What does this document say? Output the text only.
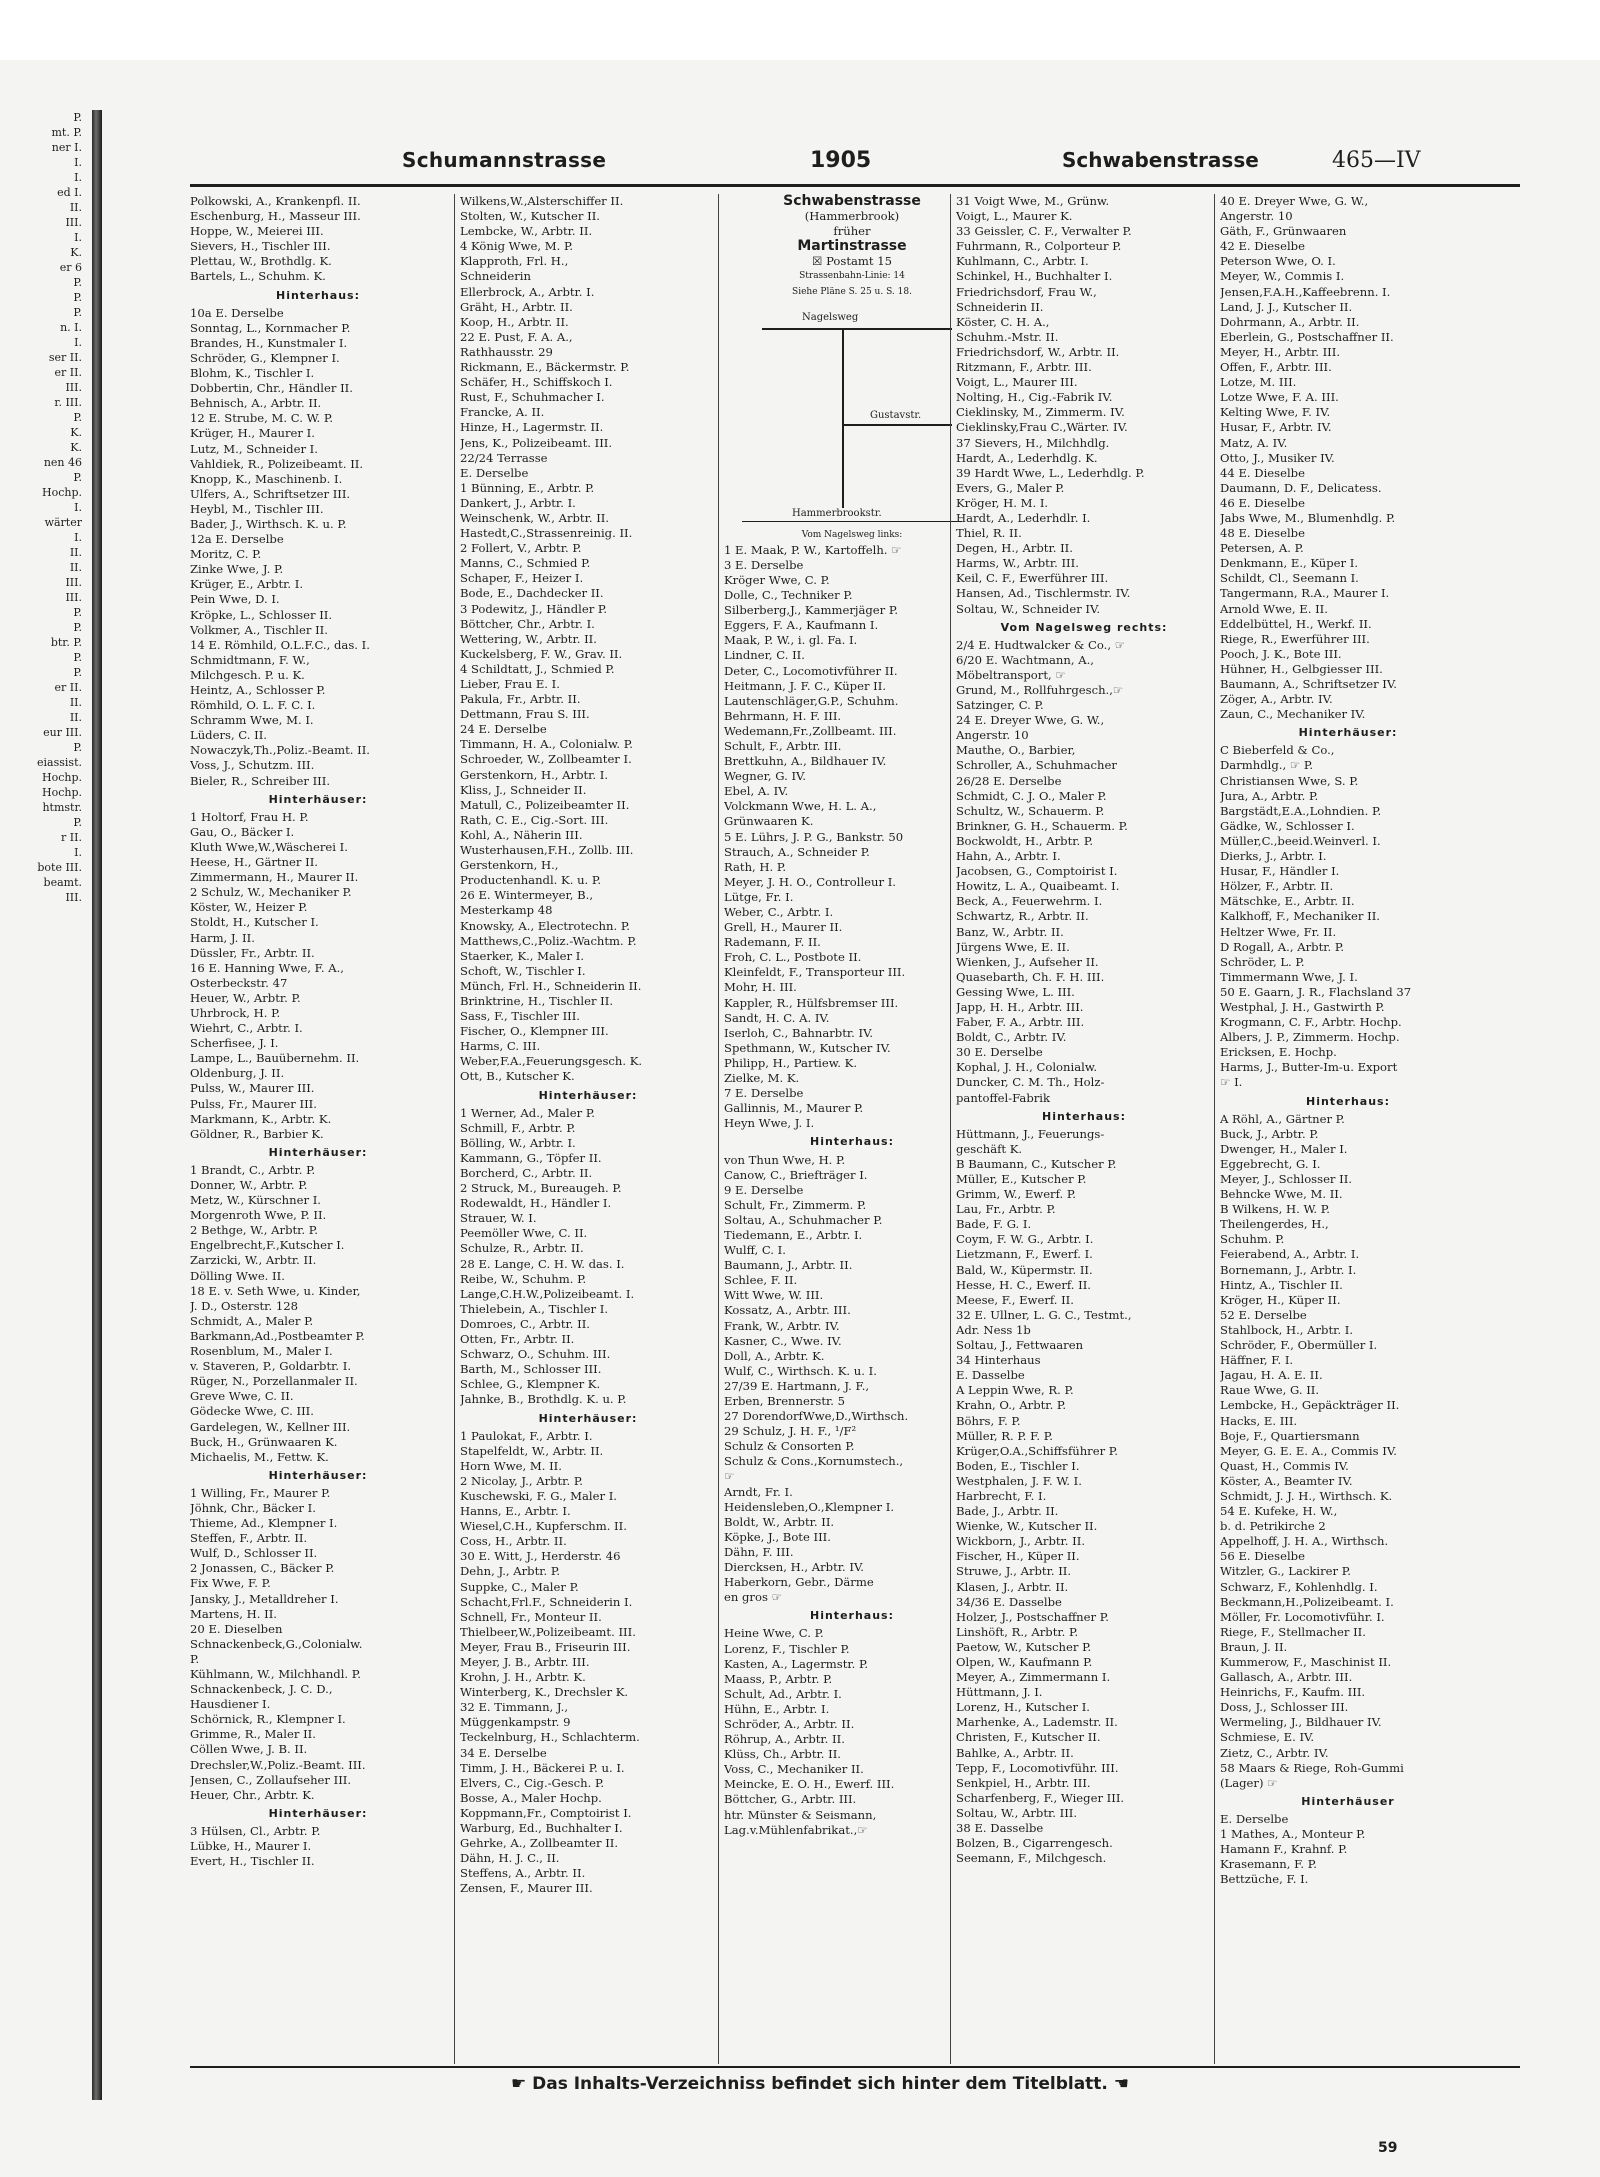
P.
mt. P.
ner I.
I.
I.
ed I.
II.
III.
I.
K.
er 6
P.
P.
P.
n. I.
I.
ser II.
er II.
III.
r. III.
P.
K.
K.
nen 46
P.
Hochp.
I.
wärter
I.
II.
II.
III.
III.
P.
P.
btr. P.
P.
P.
er II.
II.
II.
eur III.
P.
eiassist.
Hochp.
Hochp.
htmstr.
P.
r II.
I.
bote III.
beamt.
III.
Schumannstrasse	1905	Schwabenstrasse	465—IV
Polkowski, A., Krankenpfl. II.
Eschenburg, H., Masseur III.
Hoppe, W., Meierei III.
Sievers, H., Tischler III.
Plettau, W., Brothdlg. K.
Bartels, L., Schuhm. K.
Hinterhaus:
10a E. Derselbe
Sonntag, L., Kornmacher P.
Brandes, H., Kunstmaler I.
Schröder, G., Klempner I.
Blohm, K., Tischler I.
Dobbertin, Chr., Händler II.
Behnisch, A., Arbtr. II.
12 E. Strube, M. C. W. P.
Krüger, H., Maurer I.
Lutz, M., Schneider I.
Vahldiek, R., Polizeibeamt. II.
Knopp, K., Maschinenb. I.
Ulfers, A., Schriftsetzer III.
Heybl, M., Tischler III.
Bader, J., Wirthsch. K. u. P.
12a E. Derselbe
Moritz, C. P.
Zinke Wwe, J. P.
Krüger, E., Arbtr. I.
Pein Wwe, D. I.
Kröpke, L., Schlosser II.
Volkmer, A., Tischler II.
14 E. Römhild, O.L.F.C., das. I.
Schmidtmann, F. W.,
Milchgesch. P. u. K.
Heintz, A., Schlosser P.
Römhild, O. L. F. C. I.
Schramm Wwe, M. I.
Lüders, C. II.
Nowaczyk,Th.,Poliz.-Beamt. II.
Voss, J., Schutzm. III.
Bieler, R., Schreiber III.
Hinterhäuser:
1 Holtorf, Frau H. P.
Gau, O., Bäcker I.
Kluth Wwe,W.,Wäscherei I.
Heese, H., Gärtner II.
Zimmermann, H., Maurer II.
2 Schulz, W., Mechaniker P.
Köster, W., Heizer P.
Stoldt, H., Kutscher I.
Harm, J. II.
Düssler, Fr., Arbtr. II.
16 E. Hanning Wwe, F. A.,
Osterbeckstr. 47
Heuer, W., Arbtr. P.
Uhrbrock, H. P.
Wiehrt, C., Arbtr. I.
Scherfisee, J. I.
Lampe, L., Bauübernehm. II.
Oldenburg, J. II.
Pulss, W., Maurer III.
Pulss, Fr., Maurer III.
Markmann, K., Arbtr. K.
Göldner, R., Barbier K.
Hinterhäuser:
1 Brandt, C., Arbtr. P.
Donner, W., Arbtr. P.
Metz, W., Kürschner I.
Morgenroth Wwe, P. II.
2 Bethge, W., Arbtr. P.
Engelbrecht,F.,Kutscher I.
Zarzicki, W., Arbtr. II.
Dölling Wwe. II.
18 E. v. Seth Wwe, u. Kinder,
J. D., Osterstr. 128
Schmidt, A., Maler P.
Barkmann,Ad.,Postbeamter P.
Rosenblum, M., Maler I.
v. Staveren, P., Goldarbtr. I.
Rüger, N., Porzellanmaler II.
Greve Wwe, C. II.
Gödecke Wwe, C. III.
Gardelegen, W., Kellner III.
Buck, H., Grünwaaren K.
Michaelis, M., Fettw. K.
Hinterhäuser:
1 Willing, Fr., Maurer P.
Jöhnk, Chr., Bäcker I.
Thieme, Ad., Klempner I.
Steffen, F., Arbtr. II.
Wulf, D., Schlosser II.
2 Jonassen, C., Bäcker P.
Fix Wwe, F. P.
Jansky, J., Metalldreher I.
Martens, H. II.
20 E. Dieselben
Schnackenbeck,G.,Colonialw.
P.
Kühlmann, W., Milchhandl. P.
Schnackenbeck, J. C. D.,
Hausdiener I.
Schörnick, R., Klempner I.
Grimme, R., Maler II.
Cöllen Wwe, J. B. II.
Drechsler,W.,Poliz.-Beamt. III.
Jensen, C., Zollaufseher III.
Heuer, Chr., Arbtr. K.
Hinterhäuser:
3 Hülsen, Cl., Arbtr. P.
Lübke, H., Maurer I.
Evert, H., Tischler II.
Wilkens,W.,Alsterschiffer II.
Stolten, W., Kutscher II.
Lembcke, W., Arbtr. II.
4 König Wwe, M. P.
Klapproth, Frl. H.,
Schneiderin
Ellerbrock, A., Arbtr. I.
Gräht, H., Arbtr. II.
Koop, H., Arbtr. II.
22 E. Pust, F. A. A.,
Rathhausstr. 29
Rickmann, E., Bäckermstr. P.
Schäfer, H., Schiffskoch I.
Rust, F., Schuhmacher I.
Francke, A. II.
Hinze, H., Lagermstr. II.
Jens, K., Polizeibeamt. III.
22/24 Terrasse
E. Derselbe
1 Bünning, E., Arbtr. P.
Dankert, J., Arbtr. I.
Weinschenk, W., Arbtr. II.
Hastedt,C.,Strassenreinig. II.
2 Follert, V., Arbtr. P.
Manns, C., Schmied P.
Schaper, F., Heizer I.
Bode, E., Dachdecker II.
3 Podewitz, J., Händler P.
Böttcher, Chr., Arbtr. I.
Wettering, W., Arbtr. II.
Kuckelsberg, F. W., Grav. II.
4 Schildtatt, J., Schmied P.
Lieber, Frau E. I.
Pakula, Fr., Arbtr. II.
Dettmann, Frau S. III.
24 E. Derselbe
Timmann, H. A., Colonialw. P.
Schroeder, W., Zollbeamter I.
Gerstenkorn, H., Arbtr. I.
Kliss, J., Schneider II.
Matull, C., Polizeibeamter II.
Rath, C. E., Cig.-Sort. III.
Kohl, A., Näherin III.
Wusterhausen,F.H., Zollb. III.
Gerstenkorn, H.,
Productenhandl. K. u. P.
26 E. Wintermeyer, B.,
Mesterkamp 48
Knowsky, A., Electrotechn. P.
Matthews,C.,Poliz.-Wachtm. P.
Staerker, K., Maler I.
Schoft, W., Tischler I.
Münch, Frl. H., Schneiderin II.
Brinktrine, H., Tischler II.
Sass, F., Tischler III.
Fischer, O., Klempner III.
Harms, C. III.
Weber,F.A.,Feuerungsgesch. K.
Ott, B., Kutscher K.
Hinterhäuser:
1 Werner, Ad., Maler P.
Schmill, F., Arbtr. P.
Bölling, W., Arbtr. I.
Kammann, G., Töpfer II.
Borcherd, C., Arbtr. II.
2 Struck, M., Bureaugeh. P.
Rodewaldt, H., Händler I.
Strauer, W. I.
Peemöller Wwe, C. II.
Schulze, R., Arbtr. II.
28 E. Lange, C. H. W. das. I.
Reibe, W., Schuhm. P.
Lange,C.H.W.,Polizeibeamt. I.
Thielebein, A., Tischler I.
Domroes, C., Arbtr. II.
Otten, Fr., Arbtr. II.
Schwarz, O., Schuhm. III.
Barth, M., Schlosser III.
Schlee, G., Klempner K.
Jahnke, B., Brothdlg. K. u. P.
Hinterhäuser:
1 Paulokat, F., Arbtr. I.
Stapelfeldt, W., Arbtr. II.
Horn Wwe, M. II.
2 Nicolay, J., Arbtr. P.
Kuschewski, F. G., Maler I.
Hanns, E., Arbtr. I.
Wiesel,C.H., Kupferschm. II.
Coss, H., Arbtr. II.
30 E. Witt, J., Herderstr. 46
Dehn, J., Arbtr. P.
Suppke, C., Maler P.
Schacht,Frl.F., Schneiderin I.
Schnell, Fr., Monteur II.
Thielbeer,W.,Polizeibeamt. III.
Meyer, Frau B., Friseurin III.
Meyer, J. B., Arbtr. III.
Krohn, J. H., Arbtr. K.
Winterberg, K., Drechsler K.
32 E. Timmann, J.,
Müggenkampstr. 9
Teckelnburg, H., Schlachterm.
34 E. Derselbe
Timm, J. H., Bäckerei P. u. I.
Elvers, C., Cig.-Gesch. P.
Bosse, A., Maler Hochp.
Koppmann,Fr., Comptoirist I.
Warburg, Ed., Buchhalter I.
Gehrke, A., Zollbeamter II.
Dähn, H. J. C., II.
Steffens, A., Arbtr. II.
Zensen, F., Maurer III.
Schwabenstrasse
(Hammerbrook)
früher
Martinstrasse
☒ Postamt 15
Strassenbahn-Linie: 14
Siehe Pläne S. 25 u. S. 18.
Nagelsweg
Gustavstr.
Hammerbrookstr.
Vom Nagelsweg links:
1 E. Maak, P. W., Kartoffelh. ☞
3 E. Derselbe
Kröger Wwe, C. P.
Dolle, C., Techniker P.
Silberberg,J., Kammerjäger P.
Eggers, F. A., Kaufmann I.
Maak, P. W., i. gl. Fa. I.
Lindner, C. II.
Deter, C., Locomotivführer II.
Heitmann, J. F. C., Küper II.
Lautenschläger,G.P., Schuhm.
Behrmann, H. F. III.
Wedemann,Fr.,Zollbeamt. III.
Schult, F., Arbtr. III.
Brettkuhn, A., Bildhauer IV.
Wegner, G. IV.
Ebel, A. IV.
Volckmann Wwe, H. L. A.,
Grünwaaren K.
5 E. Lührs, J. P. G., Bankstr. 50
Strauch, A., Schneider P.
Rath, H. P.
Meyer, J. H. O., Controlleur I.
Lütge, Fr. I.
Weber, C., Arbtr. I.
Grell, H., Maurer II.
Rademann, F. II.
Froh, C. L., Postbote II.
Kleinfeldt, F., Transporteur III.
Mohr, H. III.
Kappler, R., Hülfsbremser III.
Sandt, H. C. A. IV.
Iserloh, C., Bahnarbtr. IV.
Spethmann, W., Kutscher IV.
Philipp, H., Partiew. K.
Zielke, M. K.
7 E. Derselbe
Gallinnis, M., Maurer P.
Heyn Wwe, J. I.
Hinterhaus:
von Thun Wwe, H. P.
Canow, C., Briefträger I.
9 E. Derselbe
Schult, Fr., Zimmerm. P.
Soltau, A., Schuhmacher P.
Tiedemann, E., Arbtr. I.
Wulff, C. I.
Baumann, J., Arbtr. II.
Schlee, F. II.
Witt Wwe, W. III.
Kossatz, A., Arbtr. III.
Frank, W., Arbtr. IV.
Kasner, C., Wwe. IV.
Doll, A., Arbtr. K.
Wulf, C., Wirthsch. K. u. I.
27/39 E. Hartmann, J. F.,
Erben, Brennerstr. 5
27 DorendorfWwe,D.,Wirthsch.
29 Schulz, J. H. F., ¹/F²
Schulz & Consorten P.
Schulz & Cons.,Kornumstech.,
☞
Arndt, Fr. I.
Heidensleben,O.,Klempner I.
Boldt, W., Arbtr. II.
Köpke, J., Bote III.
Dähn, F. III.
Diercksen, H., Arbtr. IV.
Haberkorn, Gebr., Därme
en gros ☞
Hinterhaus:
Heine Wwe, C. P.
Lorenz, F., Tischler P.
Kasten, A., Lagermstr. P.
Maass, P., Arbtr. P.
Schult, Ad., Arbtr. I.
Hühn, E., Arbtr. I.
Schröder, A., Arbtr. II.
Röhrup, A., Arbtr. II.
Klüss, Ch., Arbtr. II.
Voss, C., Mechaniker II.
Meincke, E. O. H., Ewerf. III.
Böttcher, G., Arbtr. III.
htr. Münster & Seismann,
Lag.v.Mühlenfabrikat.,☞
31 Voigt Wwe, M., Grünw.
Voigt, L., Maurer K.
33 Geissler, C. F., Verwalter P.
Fuhrmann, R., Colporteur P.
Kuhlmann, C., Arbtr. I.
Schinkel, H., Buchhalter I.
Friedrichsdorf, Frau W.,
Schneiderin II.
Köster, C. H. A.,
Schuhm.-Mstr. II.
Friedrichsdorf, W., Arbtr. II.
Ritzmann, F., Arbtr. III.
Voigt, L., Maurer III.
Nolting, H., Cig.-Fabrik IV.
Cieklinsky, M., Zimmerm. IV.
Cieklinsky,Frau C.,Wärter. IV.
37 Sievers, H., Milchhdlg.
Hardt, A., Lederhdlg. K.
39 Hardt Wwe, L., Lederhdlg. P.
Evers, G., Maler P.
Kröger, H. M. I.
Hardt, A., Lederhdlr. I.
Thiel, R. II.
Degen, H., Arbtr. II.
Harms, W., Arbtr. III.
Keil, C. F., Ewerführer III.
Hansen, Ad., Tischlermstr. IV.
Soltau, W., Schneider IV.
Vom Nagelsweg rechts:
2/4 E. Hudtwalcker & Co., ☞
6/20 E. Wachtmann, A.,
Möbeltransport, ☞
Grund, M., Rollfuhrgesch.,☞
Satzinger, C. P.
24 E. Dreyer Wwe, G. W.,
Angerstr. 10
Mauthe, O., Barbier,
Schroller, A., Schuhmacher
26/28 E. Derselbe
Schmidt, C. J. O., Maler P.
Schultz, W., Schauerm. P.
Brinkner, G. H., Schauerm. P.
Bockwoldt, H., Arbtr. P.
Hahn, A., Arbtr. I.
Jacobsen, G., Comptoirist I.
Howitz, L. A., Quaibeamt. I.
Beck, A., Feuerwehrm. I.
Schwartz, R., Arbtr. II.
Banz, W., Arbtr. II.
Jürgens Wwe, E. II.
Wienken, J., Aufseher II.
Quasebarth, Ch. F. H. III.
Gessing Wwe, L. III.
Japp, H. H., Arbtr. III.
Faber, F. A., Arbtr. III.
Boldt, C., Arbtr. IV.
30 E. Derselbe
Kophal, J. H., Colonialw.
Duncker, C. M. Th., Holz-
pantoffel-Fabrik
Hinterhaus:
Hüttmann, J., Feuerungs-
geschäft K.
B Baumann, C., Kutscher P.
Müller, E., Kutscher P.
Grimm, W., Ewerf. P.
Lau, Fr., Arbtr. P.
Bade, F. G. I.
Coym, F. W. G., Arbtr. I.
Lietzmann, F., Ewerf. I.
Bald, W., Küpermstr. II.
Hesse, H. C., Ewerf. II.
Meese, F., Ewerf. II.
32 E. Ullner, L. G. C., Testmt.,
Adr. Ness 1b
Soltau, J., Fettwaaren
34 Hinterhaus
E. Dasselbe
A Leppin Wwe, R. P.
Krahn, O., Arbtr. P.
Böhrs, F. P.
Müller, R. P. F. P.
Krüger,O.A.,Schiffsführer P.
Boden, E., Tischler I.
Westphalen, J. F. W. I.
Harbrecht, F. I.
Bade, J., Arbtr. II.
Wienke, W., Kutscher II.
Wickborn, J., Arbtr. II.
Fischer, H., Küper II.
Struwe, J., Arbtr. II.
Klasen, J., Arbtr. II.
34/36 E. Dasselbe
Holzer, J., Postschaffner P.
Linshöft, R., Arbtr. P.
Paetow, W., Kutscher P.
Olpen, W., Kaufmann P.
Meyer, A., Zimmermann I.
Hüttmann, J. I.
Lorenz, H., Kutscher I.
Marhenke, A., Lademstr. II.
Christen, F., Kutscher II.
Bahlke, A., Arbtr. II.
Tepp, F., Locomotivführ. III.
Senkpiel, H., Arbtr. III.
Scharfenberg, F., Wieger III.
Soltau, W., Arbtr. III.
38 E. Dasselbe
Bolzen, B., Cigarrengesch.
Seemann, F., Milchgesch.
40 E. Dreyer Wwe, G. W.,
Angerstr. 10
Gäth, F., Grünwaaren
42 E. Dieselbe
Peterson Wwe, O. I.
Meyer, W., Commis I.
Jensen,F.A.H.,Kaffeebrenn. I.
Land, J. J., Kutscher II.
Dohrmann, A., Arbtr. II.
Eberlein, G., Postschaffner II.
Meyer, H., Arbtr. III.
Offen, F., Arbtr. III.
Lotze, M. III.
Lotze Wwe, F. A. III.
Kelting Wwe, F. IV.
Husar, F., Arbtr. IV.
Matz, A. IV.
Otto, J., Musiker IV.
44 E. Dieselbe
Daumann, D. F., Delicatess.
46 E. Dieselbe
Jabs Wwe, M., Blumenhdlg. P.
48 E. Dieselbe
Petersen, A. P.
Denkmann, E., Küper I.
Schildt, Cl., Seemann I.
Tangermann, R.A., Maurer I.
Arnold Wwe, E. II.
Eddelbüttel, H., Werkf. II.
Riege, R., Ewerführer III.
Pooch, J. K., Bote III.
Hühner, H., Gelbgiesser III.
Baumann, A., Schriftsetzer IV.
Zöger, A., Arbtr. IV.
Zaun, C., Mechaniker IV.
Hinterhäuser:
C Bieberfeld & Co.,
Darmhdlg., ☞ P.
Christiansen Wwe, S. P.
Jura, A., Arbtr. P.
Bargstädt,E.A.,Lohndien. P.
Gädke, W., Schlosser I.
Müller,C.,beeid.Weinverl. I.
Dierks, J., Arbtr. I.
Husar, F., Händler I.
Hölzer, F., Arbtr. II.
Mätschke, E., Arbtr. II.
Kalkhoff, F., Mechaniker II.
Heltzer Wwe, Fr. II.
D Rogall, A., Arbtr. P.
Schröder, L. P.
Timmermann Wwe, J. I.
50 E. Gaarn, J. R., Flachsland 37
Westphal, J. H., Gastwirth P.
Krogmann, C. F., Arbtr. Hochp.
Albers, J. P., Zimmerm. Hochp.
Ericksen, E. Hochp.
Harms, J., Butter-Im-u. Export
☞ I.
Hinterhaus:
A Röhl, A., Gärtner P.
Buck, J., Arbtr. P.
Dwenger, H., Maler I.
Eggebrecht, G. I.
Meyer, J., Schlosser II.
Behncke Wwe, M. II.
B Wilkens, H. W. P.
Theilengerdes, H.,
Schuhm. P.
Feierabend, A., Arbtr. I.
Bornemann, J., Arbtr. I.
Hintz, A., Tischler II.
Kröger, H., Küper II.
52 E. Derselbe
Stahlbock, H., Arbtr. I.
Schröder, F., Obermüller I.
Häffner, F. I.
Jagau, H. A. E. II.
Raue Wwe, G. II.
Lembcke, H., Gepäckträger II.
Hacks, E. III.
Boje, F., Quartiersmann
Meyer, G. E. E. A., Commis IV.
Quast, H., Commis IV.
Köster, A., Beamter IV.
Schmidt, J. J. H., Wirthsch. K.
54 E. Kufeke, H. W.,
b. d. Petrikirche 2
Appelhoff, J. H. A., Wirthsch.
56 E. Dieselbe
Witzler, G., Lackirer P.
Schwarz, F., Kohlenhdlg. I.
Beckmann,H.,Polizeibeamt. I.
Möller, Fr. Locomotivführ. I.
Riege, F., Stellmacher II.
Braun, J. II.
Kummerow, F., Maschinist II.
Gallasch, A., Arbtr. III.
Heinrichs, F., Kaufm. III.
Doss, J., Schlosser III.
Wermeling, J., Bildhauer IV.
Schmiese, E. IV.
Zietz, C., Arbtr. IV.
58 Maars & Riege, Roh-Gummi
(Lager) ☞
Hinterhäuser
E. Derselbe
1 Mathes, A., Monteur P.
Hamann F., Krahnf. P.
Krasemann, F. P.
Bettzüche, F. I.
☛ Das Inhalts-Verzeichniss befindet sich hinter dem Titelblatt. ☚
59
